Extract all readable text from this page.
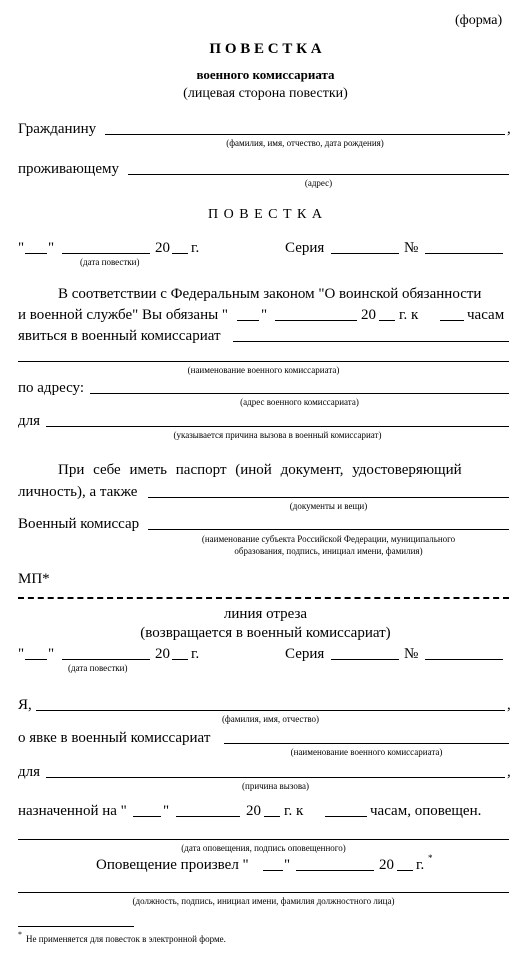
(форма)
П О В Е С Т К А
военного комиссариата
(лицевая сторона повестки)
Гражданину	,
(фамилия, имя, отчество, дата рождения)
проживающему
(адрес)
П О В Е С Т К А
" "	20 г.
(дата повестки)
Серия	№
В соответствии с Федеральным законом "О воинской обязанности
и военной службе" Вы обязаны " "	20 г. к	часам
явиться в военный комиссариат
(наименование военного комиссариата)
по адресу:
(адрес военного комиссариата)
для
(указывается причина вызова в военный комиссариат)
При себе иметь паспорт (иной документ, удостоверяющий
личность), а также
(документы и вещи)
Военный комиссар
(наименование субъекта Российской Федерации, муниципального
образования, подпись, инициал имени, фамилия)
МП*
линия отреза
(возвращается в военный комиссариат)
" "	20 г.
(дата повестки)
Серия	№
Я,	,
(фамилия, имя, отчество)
о явке в военный комиссариат
(наименование военного комиссариата)
для	,
(причина вызова)
назначенной на " "	20 г. к	часам, оповещен.
(дата оповещения, подпись оповещенного)
Оповещение произвел " "	20 г. *
(должность, подпись, инициал имени, фамилия должностного лица)
* Не применяется для повесток в электронной форме.
